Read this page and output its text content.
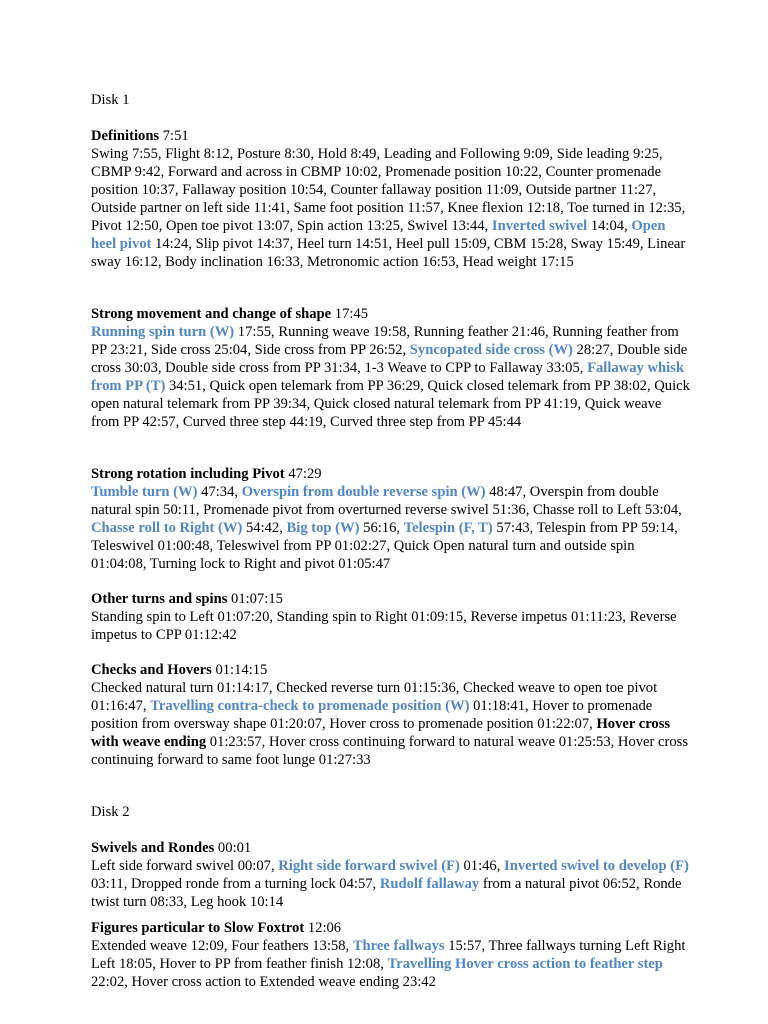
Disk 1

Definitions 7:51

Swing 7:55, Flight 8:12, Posture 8:30, Hold 8:49, Leading and Following 9:09, Side leading 9:25, CBMP 9:42, Forward and across in CBMP 10:02, Promenade position 10:22, Counter promenade position 10:37, Fallaway position 10:54, Counter fallaway position 11:09, Outside partner 11:27, Outside partner on left side 11:41, Same foot position 11:57, Knee flexion 12:18, Toe turned in 12:35, Pivot 12:50, Open toe pivot 13:07, Spin action 13:25, Swivel 13:44, Inverted swivel 14:04, Open heel pivot 14:24, Slip pivot 14:37, Heel turn 14:51, Heel pull 15:09, CBM 15:28, Sway 15:49, Linear sway 16:12, Body inclination 16:33, Metronomic action 16:53, Head weight 17:15

Strong movement and change of shape 17:45

Running spin turn (W) 17:55, Running weave 19:58, Running feather 21:46, Running feather from PP 23:21, Side cross 25:04, Side cross from PP 26:52, Syncopated side cross (W) 28:27, Double side cross 30:03, Double side cross from PP 31:34, 1-3 Weave to CPP to Fallaway 33:05, Fallaway whisk from PP (T) 34:51, Quick open telemark from PP 36:29, Quick closed telemark from PP 38:02, Quick open natural telemark from PP 39:34, Quick closed natural telemark from PP 41:19, Quick weave from PP 42:57, Curved three step 44:19, Curved three step from PP 45:44

Strong rotation including Pivot 47:29

Tumble turn (W) 47:34, Overspin from double reverse spin (W) 48:47, Overspin from double natural spin 50:11, Promenade pivot from overturned reverse swivel 51:36, Chasse roll to Left 53:04, Chasse roll to Right (W) 54:42, Big top (W) 56:16, Telespin (F, T) 57:43, Telespin from PP 59:14, Teleswivel 01:00:48, Teleswivel from PP 01:02:27, Quick Open natural turn and outside spin 01:04:08, Turning lock to Right and pivot 01:05:47

Other turns and spins 01:07:15

Standing spin to Left 01:07:20, Standing spin to Right 01:09:15, Reverse impetus 01:11:23, Reverse impetus to CPP 01:12:42

Checks and Hovers 01:14:15

Checked natural turn 01:14:17, Checked reverse turn 01:15:36, Checked weave to open toe pivot 01:16:47, Travelling contra-check to promenade position (W) 01:18:41, Hover to promenade position from oversway shape 01:20:07, Hover cross to promenade position 01:22:07, Hover cross with weave ending 01:23:57, Hover cross continuing forward to natural weave 01:25:53, Hover cross continuing forward to same foot lunge 01:27:33

Disk 2

Swivels and Rondes 00:01

Left side forward swivel 00:07, Right side forward swivel (F) 01:46, Inverted swivel to develop (F) 03:11, Dropped ronde from a turning lock 04:57, Rudolf fallaway from a natural pivot 06:52, Ronde twist turn 08:33, Leg hook 10:14

Figures particular to Slow Foxtrot 12:06

Extended weave 12:09, Four feathers 13:58, Three fallways 15:57, Three fallways turning Left Right Left 18:05, Hover to PP from feather finish 12:08, Travelling Hover cross action to feather step 22:02, Hover cross action to Extended weave ending 23:42
